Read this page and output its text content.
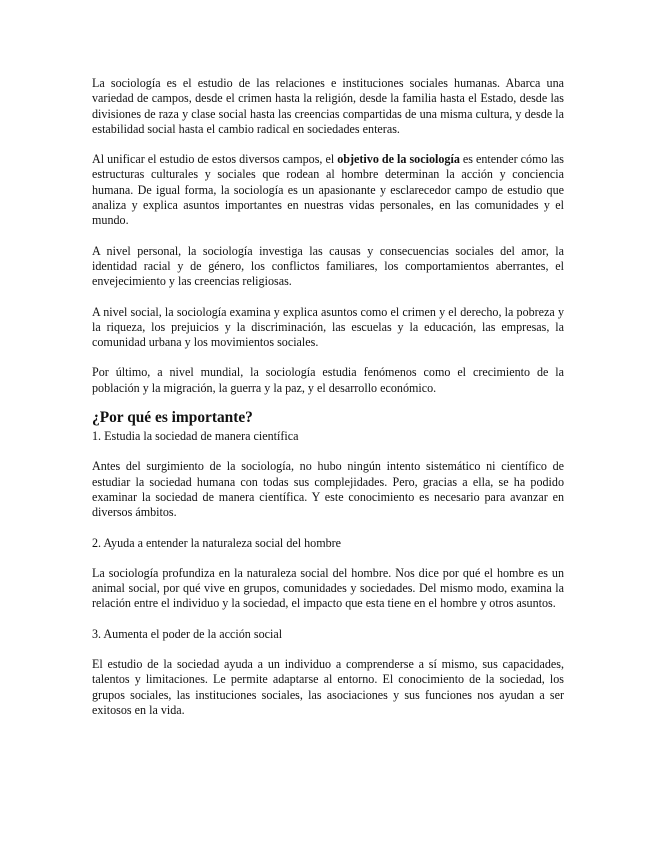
La sociología es el estudio de las relaciones e instituciones sociales humanas. Abarca una variedad de campos, desde el crimen hasta la religión, desde la familia hasta el Estado, desde las divisiones de raza y clase social hasta las creencias compartidas de una misma cultura, y desde la estabilidad social hasta el cambio radical en sociedades enteras.

Al unificar el estudio de estos diversos campos, el objetivo de la sociología es entender cómo las estructuras culturales y sociales que rodean al hombre determinan la acción y conciencia humana. De igual forma, la sociología es un apasionante y esclarecedor campo de estudio que analiza y explica asuntos importantes en nuestras vidas personales, en las comunidades y el mundo.

A nivel personal, la sociología investiga las causas y consecuencias sociales del amor, la identidad racial y de género, los conflictos familiares, los comportamientos aberrantes, el envejecimiento y las creencias religiosas.

A nivel social, la sociología examina y explica asuntos como el crimen y el derecho, la pobreza y la riqueza, los prejuicios y la discriminación, las escuelas y la educación, las empresas, la comunidad urbana y los movimientos sociales.

Por último, a nivel mundial, la sociología estudia fenómenos como el crecimiento de la población y la migración, la guerra y la paz, y el desarrollo económico.

¿Por qué es importante?

1. Estudia la sociedad de manera científica

Antes del surgimiento de la sociología, no hubo ningún intento sistemático ni científico de estudiar la sociedad humana con todas sus complejidades. Pero, gracias a ella, se ha podido examinar la sociedad de manera científica. Y este conocimiento es necesario para avanzar en diversos ámbitos.

2. Ayuda a entender la naturaleza social del hombre

La sociología profundiza en la naturaleza social del hombre. Nos dice por qué el hombre es un animal social, por qué vive en grupos, comunidades y sociedades. Del mismo modo, examina la relación entre el individuo y la sociedad, el impacto que esta tiene en el hombre y otros asuntos.

3. Aumenta el poder de la acción social

El estudio de la sociedad ayuda a un individuo a comprenderse a sí mismo, sus capacidades, talentos y limitaciones. Le permite adaptarse al entorno. El conocimiento de la sociedad, los grupos sociales, las instituciones sociales, las asociaciones y sus funciones nos ayudan a ser exitosos en la vida.
